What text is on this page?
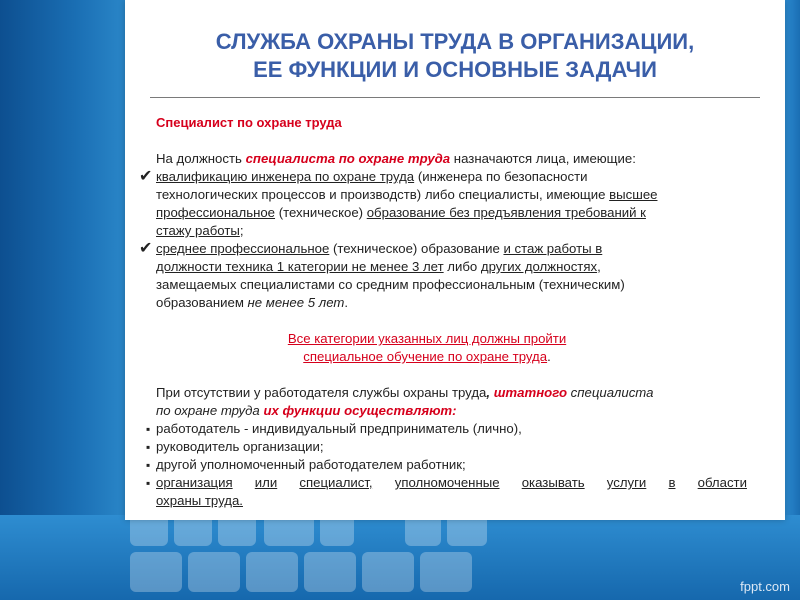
СЛУЖБА ОХРАНЫ ТРУДА В ОРГАНИЗАЦИИ,
ЕЕ ФУНКЦИИ И ОСНОВНЫЕ ЗАДАЧИ
Специалист по охране труда
На должность специалиста по охране труда назначаются лица, имеющие:
✔ квалификацию инженера по охране труда (инженера по безопасности
технологических процессов и производств) либо специалисты, имеющие высшее
профессиональное (техническое) образование без предъявления требований к
стажу работы;
✔ среднее профессиональное (техническое) образование и стаж работы в
должности техника 1 категории не менее 3 лет либо других должностях,
замещаемых специалистами со средним профессиональным (техническим)
образованием не менее 5 лет.
Все категории указанных лиц должны пройти
специальное обучение по охране труда.
При отсутствии у работодателя службы охраны труда, штатного специалиста
по охране труда их функции осуществляют:
▪ работодатель - индивидуальный предприниматель (лично),
▪ руководитель организации;
▪ другой уполномоченный работодателем работник;
▪ организация или специалист, уполномоченные оказывать услуги в области
охраны труда.
fppt.com
